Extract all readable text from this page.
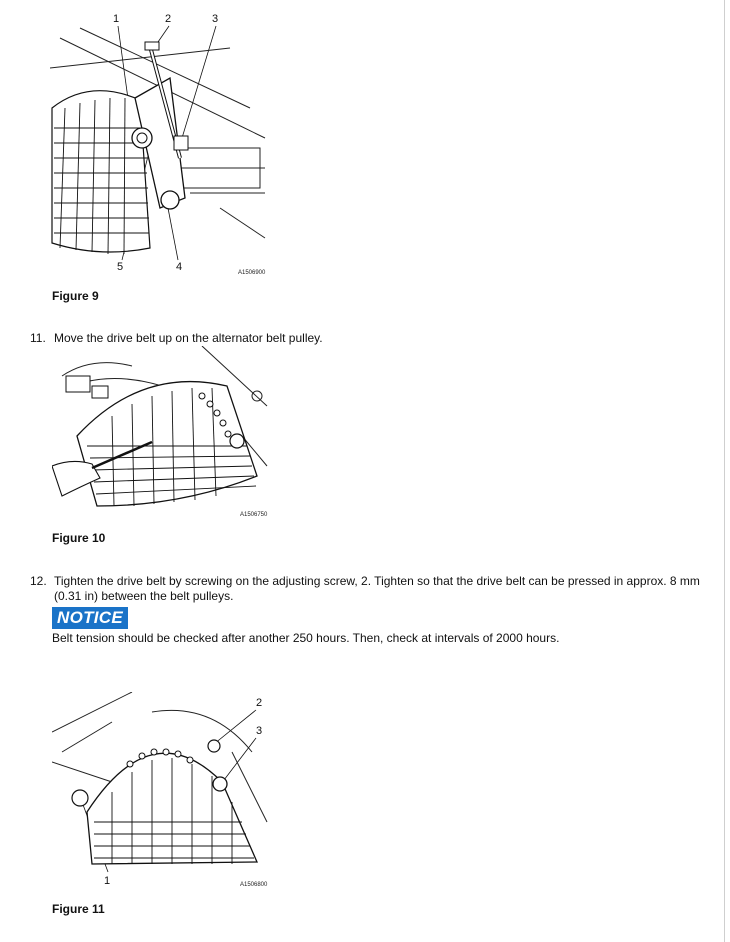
1	2	3
4
5	A1506900
Figure 9
11. Move the drive belt up on the alternator belt pulley.
A1506750
Figure 10
12. Tighten the drive belt by screwing on the adjusting screw, 2. Tighten so that the drive belt can be pressed in approx. 8 mm
(0.31 in) between the belt pulleys.
NOTICE
Belt tension should be checked after another 250 hours. Then, check at intervals of 2000 hours.
2
3
1	A1506800
Figure 11
